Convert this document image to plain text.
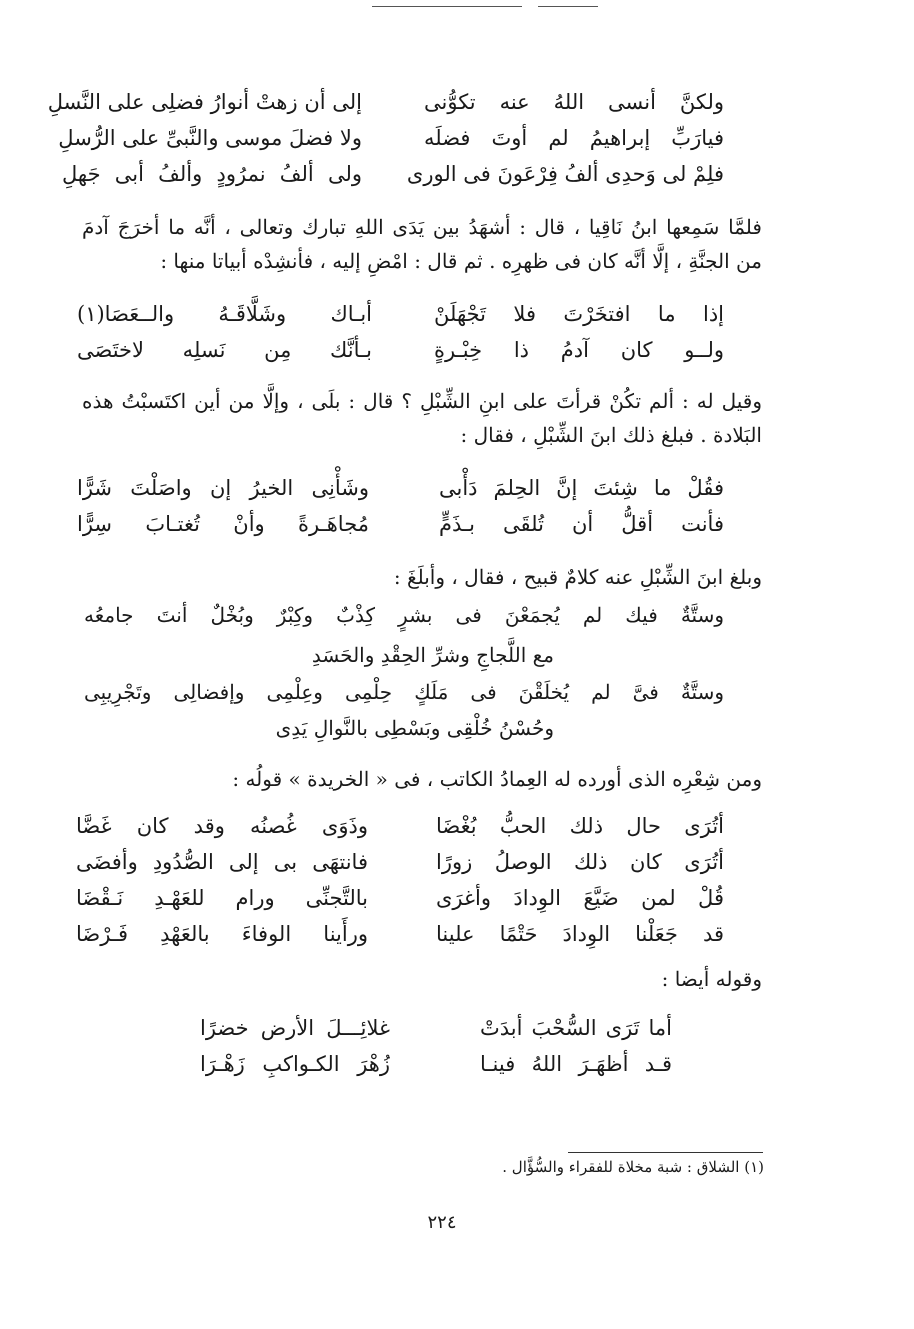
ولكنَّ أنسى اللهُ عنه تكوُّنى
إلى أن زهتْ أنوارُ فضلِى على النَّسلِ
فيارَبِّ إبراهيمُ لم أوتَ فضلَه
ولا فضلَ موسى والنَّبىِّ على الرُّسلِ
فلِمْ لى وَحدِى ألفُ فِرْعَونَ فى الورى
ولى ألفُ نمرُودٍ وألفُ أبى جَهلِ
فلمَّا سَمِعها ابنُ نَاقِيا ، قال : أشهَدُ بين يَدَى اللهِ تبارك وتعالى ، أنَّه ما أخرَجَ آدمَ
من الجنَّةِ ، إلَّا أنَّه كان فى ظهرِه . ثم قال : امْضِ إليه ، فأنشِدْه أبياتا منها :
إذا ما افتخَرْتَ فلا تَجْهَلَنْ
أبـاك وشَلَّاقَـهُ والــعَصَا(١)
ولــو كان آدمُ ذا خِبْـرةٍ
بـأنَّك مِن نَسلِه لاختَصَى
وقيل له : ألم تكُنْ قرأتَ على ابنِ الشِّبْلِ ؟ قال : بلَى ، وإلَّا من أين اكتَسبْتُ هذه
البَلادة . فبلغ ذلك ابنَ الشِّبْلِ ، فقال :
فقُلْ ما شِئتَ إنَّ الحِلمَ دَأْبى
وشَأْنِى الخيرُ إن واصَلْتَ شَرًّا
فأنت أقلُّ أن تُلقَى بـذَمٍّ
مُجاهَـرةً وأنْ تُغتـابَ سِرًّا
وبلغ ابنَ الشِّبْلِ عنه كلامٌ قبيح ، فقال ، وأبلَغَ :
وستَّةٌ فيك لم يُجمَعْنَ فى بشرٍ كِذْبٌ وكِبْرٌ وبُخْلٌ أنتَ جامعُه
مع اللَّجاجِ وشرِّ الحِقْدِ والحَسَدِ
وستَّةٌ فىَّ لم يُخلَقْنَ فى مَلَكٍ حِلْمِى وعِلْمِى وإفضالِى وتَجْرِيبِى
وحُسْنُ خُلْقِى وبَسْطِى بالنَّوالِ يَدِى
ومن شِعْرِه الذى أورده له العِمادُ الكاتب ، فى « الخريدة » قولُه :
أتُرَى حال ذلك الحبُّ بُغْضَا
وذَوَى غُصنُه وقد كان غَضَّا
أتُرَى كان ذلك الوصلُ زورًا
فانتهَى بى إلى الصُّدُودِ وأفضَى
قُلْ لمن ضَيَّعَ الوِدادَ وأغرَى
بالتَّجنِّى ورام للعَهْـدِ نَـقْضَا
قد جَعَلْنا الوِدادَ حَتْمًا علينا
ورأَينا الوفاءَ بالعَهْدِ فَـرْضَا
وقوله أيضا :
أما تَرَى السُّحْبَ أبدَتْ
غلائِـــلَ الأرض خضرًا
قـد أظهَـرَ اللهُ فينـا
زُهْرَ الكـواكبِ زَهْـرَا
(١) الشلاق : شبة مخلاة للفقراء والسُّؤَّال .
٢٢٤
